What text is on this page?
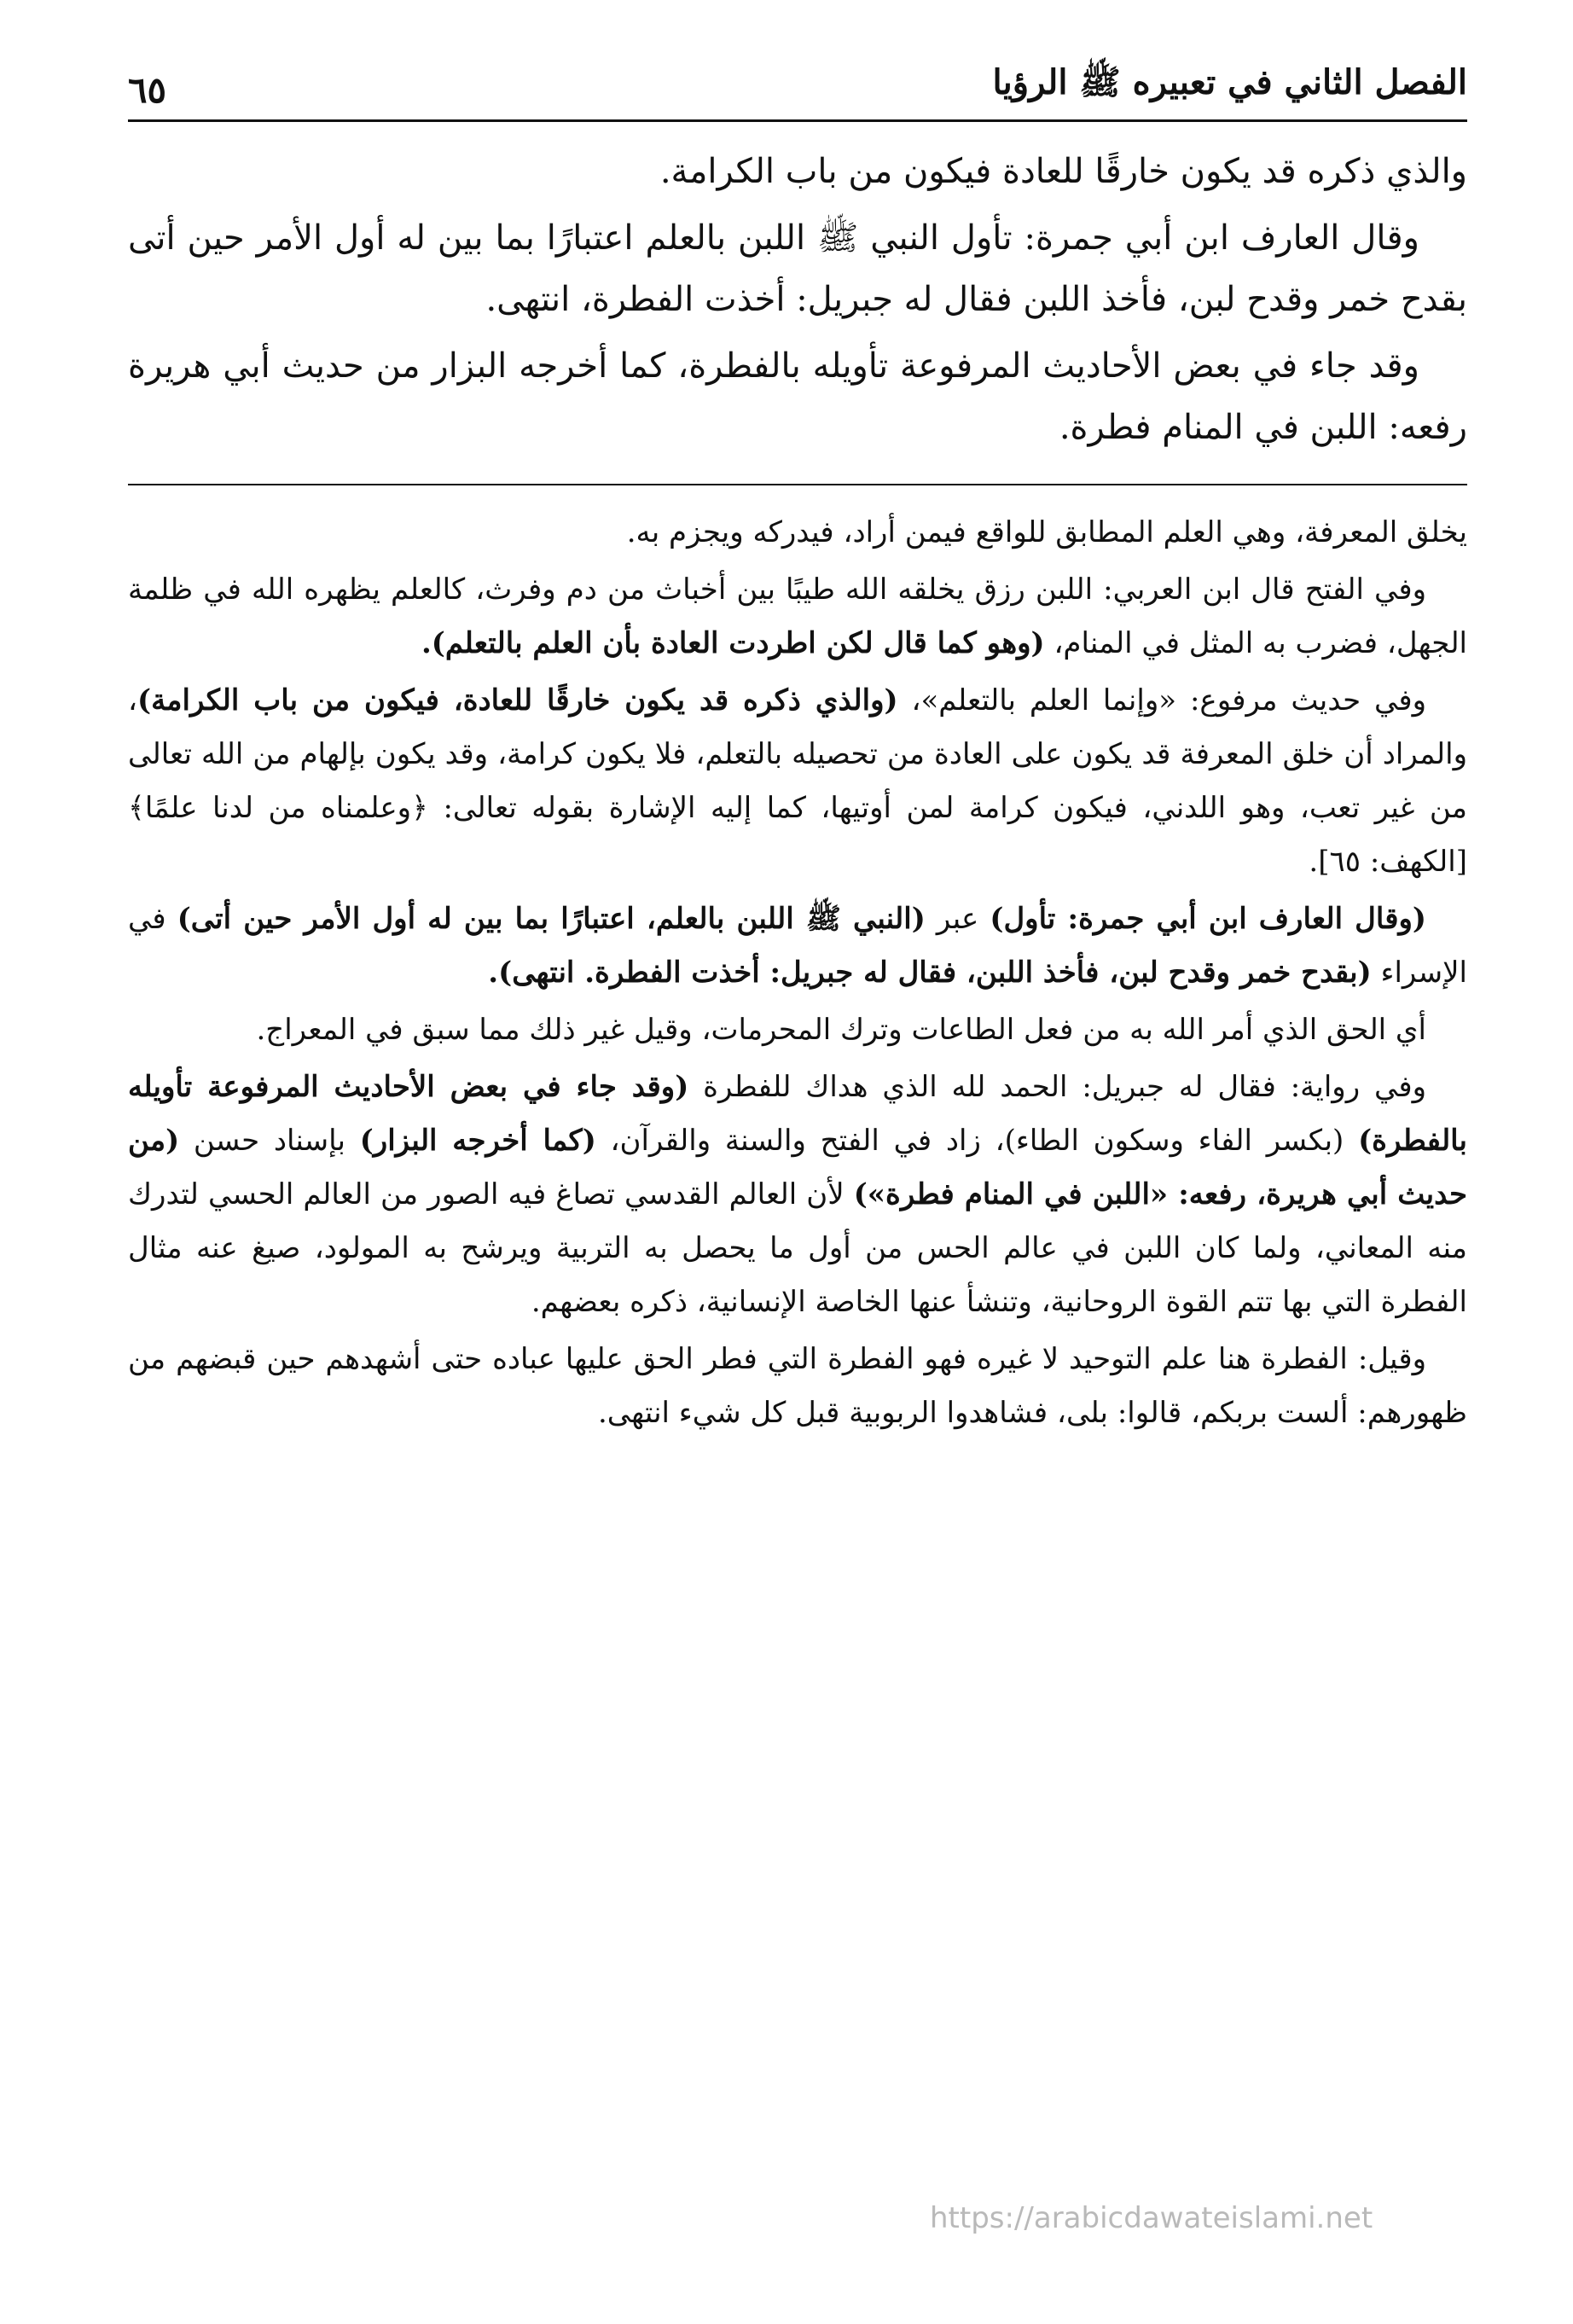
الفصل الثاني في تعبيره ﷺ الرؤيا
٦٥

والذي ذكره قد يكون خارقًا للعادة فيكون من باب الكرامة.

وقال العارف ابن أبي جمرة: تأول النبي ﷺ اللبن بالعلم اعتبارًا بما بين له أول الأمر حين أتى بقدح خمر وقدح لبن، فأخذ اللبن فقال له جبريل: أخذت الفطرة، انتهى.

وقد جاء في بعض الأحاديث المرفوعة تأويله بالفطرة، كما أخرجه البزار من حديث أبي هريرة رفعه: اللبن في المنام فطرة.

يخلق المعرفة، وهي العلم المطابق للواقع فيمن أراد، فيدركه ويجزم به.

وفي الفتح قال ابن العربي: اللبن رزق يخلقه الله طيبًا بين أخباث من دم وفرث، كالعلم يظهره الله في ظلمة الجهل، فضرب به المثل في المنام، (وهو كما قال لكن اطردت العادة بأن العلم بالتعلم).

وفي حديث مرفوع: «وإنما العلم بالتعلم»، (والذي ذكره قد يكون خارقًا للعادة، فيكون من باب الكرامة)، والمراد أن خلق المعرفة قد يكون على العادة من تحصيله بالتعلم، فلا يكون كرامة، وقد يكون بإلهام من الله تعالى من غير تعب، وهو اللدني، فيكون كرامة لمن أوتيها، كما إليه الإشارة بقوله تعالى: ﴿وعلمناه من لدنا علمًا﴾ [الكهف: ٦٥].

(وقال العارف ابن أبي جمرة: تأول) عبر (النبي ﷺ اللبن بالعلم، اعتبارًا بما بين له أول الأمر حين أتى) في الإسراء (بقدح خمر وقدح لبن، فأخذ اللبن، فقال له جبريل: أخذت الفطرة. انتهى).

أي الحق الذي أمر الله به من فعل الطاعات وترك المحرمات، وقيل غير ذلك مما سبق في المعراج.

وفي رواية: فقال له جبريل: الحمد لله الذي هداك للفطرة (وقد جاء في بعض الأحاديث المرفوعة تأويله بالفطرة) (بكسر الفاء وسكون الطاء)، زاد في الفتح والسنة والقرآن، (كما أخرجه البزار) بإسناد حسن (من حديث أبي هريرة، رفعه: «اللبن في المنام فطرة») لأن العالم القدسي تصاغ فيه الصور من العالم الحسي لتدرك منه المعاني، ولما كان اللبن في عالم الحس من أول ما يحصل به التربية ويرشح به المولود، صيغ عنه مثال الفطرة التي بها تتم القوة الروحانية، وتنشأ عنها الخاصة الإنسانية، ذكره بعضهم.

وقيل: الفطرة هنا علم التوحيد لا غيره فهو الفطرة التي فطر الحق عليها عباده حتى أشهدهم حين قبضهم من ظهورهم: ألست بربكم، قالوا: بلى، فشاهدوا الربوبية قبل كل شيء انتهى.

https://arabicdawateislami.net
